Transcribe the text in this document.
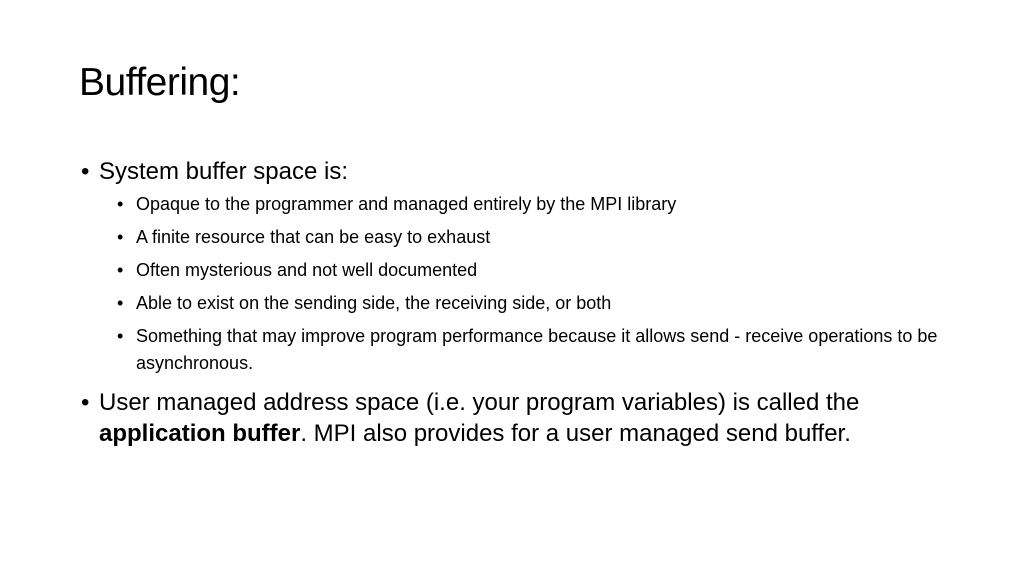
Buffering:

• System buffer space is:

• Opaque to the programmer and managed entirely by the MPI library

• A finite resource that can be easy to exhaust

• Often mysterious and not well documented

• Able to exist on the sending side, the receiving side, or both

• Something that may improve program performance because it allows send - receive operations to be asynchronous.

• User managed address space (i.e. your program variables) is called the application buffer. MPI also provides for a user managed send buffer.
